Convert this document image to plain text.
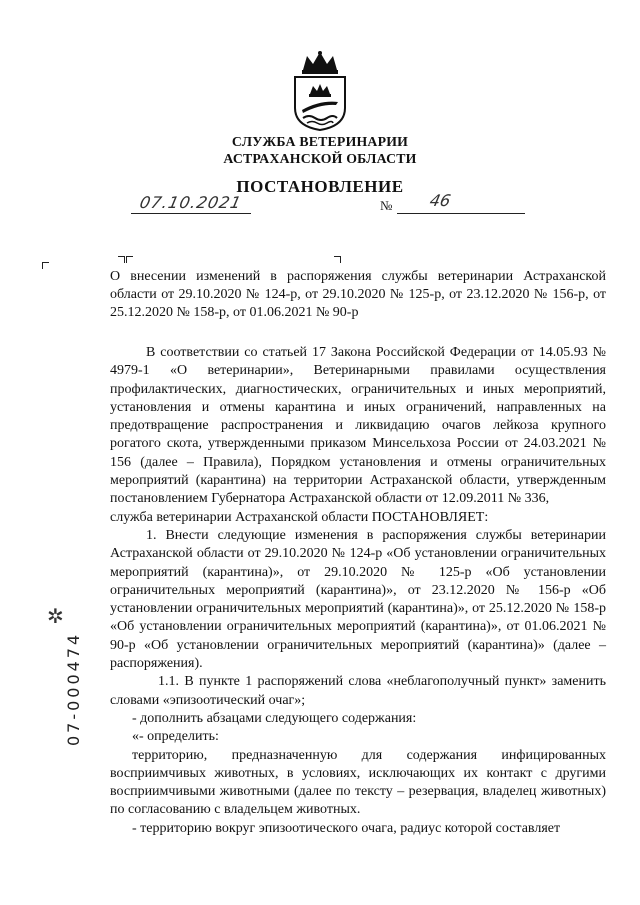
СЛУЖБА ВЕТЕРИНАРИИ
АСТРАХАНСКОЙ ОБЛАСТИ
ПОСТАНОВЛЕНИЕ
07.10.2021	№ 46
✲
07-000474
О внесении изменений в распоряжения службы ветеринарии Астраханской области от 29.10.2020 № 124-р, от 29.10.2020 № 125-р, от 23.12.2020 № 156-р, от 25.12.2020 № 158-р, от 01.06.2021 № 90-р

В соответствии со статьей 17 Закона Российской Федерации от 14.05.93 № 4979-1 «О ветеринарии», Ветеринарными правилами осуществления профилактических, диагностических, ограничительных и иных мероприятий, установления и отмены карантина и иных ограничений, направленных на предотвращение распространения и ликвидацию очагов лейкоза крупного рогатого скота, утвержденными приказом Минсельхоза России от 24.03.2021 № 156 (далее – Правила), Порядком установления и отмены ограничительных мероприятий (карантина) на территории Астраханской области, утвержденным постановлением Губернатора Астраханской области от 12.09.2011 № 336,

служба ветеринарии Астраханской области ПОСТАНОВЛЯЕТ:

1. Внести следующие изменения в распоряжения службы ветеринарии Астраханской области от 29.10.2020 № 124-р «Об установлении ограничительных мероприятий (карантина)», от 29.10.2020 № 125-р «Об установлении ограничительных мероприятий (карантина)», от 23.12.2020 № 156-р «Об установлении ограничительных мероприятий (карантина)», от 25.12.2020 № 158-р «Об установлении ограничительных мероприятий (карантина)», от 01.06.2021 № 90-р «Об установлении ограничительных мероприятий (карантина)» (далее – распоряжения).

1.1. В пункте 1 распоряжений слова «неблагополучный пункт» заменить словами «эпизоотический очаг»;

- дополнить абзацами следующего содержания:

«- определить:

территорию, предназначенную для содержания инфицированных восприимчивых животных, в условиях, исключающих их контакт с другими восприимчивыми животными (далее по тексту – резервация, владелец животных) по согласованию с владельцем животных.

- территорию вокруг эпизоотического очага, радиус которой составляет
